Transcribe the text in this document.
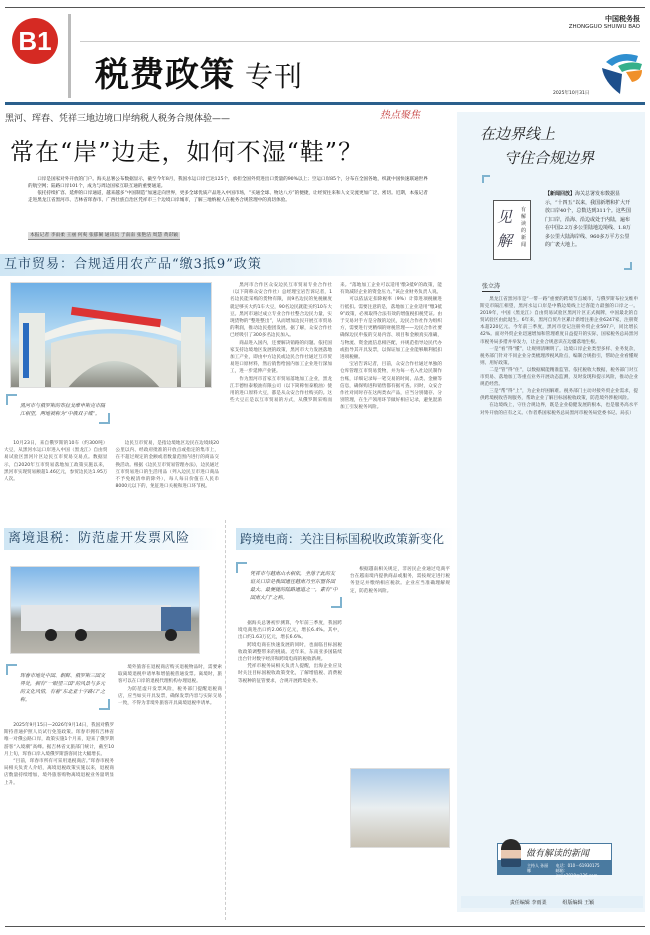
B1
税费政策 专刊
中国税务报
ZHONGGUO SHUIWU BAO
2025年10月31日
黑河、珲春、凭祥三地边境口岸纳税人税务合规体验——	热点聚焦
常在“岸”边走，如何不湿“鞋”？

口岸是国家对外开放的门户。海关总署公布数据显示，截至今年8月，我国水运口岸已达125个，承担全国外贸进出口货量的90%以上；空运口岸85个，分布在全国各地，织就中国快速联通世界的航空网；陆路口岸101个，成为与周边国家互联互通的重要通道。

依托持续扩容、延伸的口岸通道，越来越多“中国制造”加速走向世界，更多全球优质产品进入中国市场，“买通全球、物达八方”的便捷，让经贸往来和人文交流更加广泛、密切。近期，本报记者走进黑龙江省黑河市、吉林省珲春市、广西壮族自治区凭祥市三个边境口岸城市，了解三地纳税人在税务合规管理中的真切体验。

本报记者 李雨柔 王丽 何爽 张郁阑 通讯员 于南南 张艳洁 周慧 黄彩颖
互市贸易：合规适用农产品“缴3抵9”政策
黑河市与俄罗斯的布拉戈维申斯克市隔江相望，两地被称为“中俄双子城”。

10月23日，来自俄罗斯的10车（约300吨）大豆，从黑河水运口岸进入中国（黑龙江）自由贸易试验区黑河片区边民互市贸易交易点。数据显示，自2020年互市贸易落地加工政策实施以来，黑河市实现贸易额超1.46亿元，参贸边民达1.95万人次。

边民互市贸易，是指边境地区边民在边境线20公里以内、经政府批准的开放点或指定的集市上，在不超过规定的金额或者数量范围内进行的商品交换活动。根据《边民互市贸易管理办法》，边民通过互市贸易进口的生活用品（列入边民互市进口商品不予免税清单的除外），每人每日价值在人民币8000元以下的，免征进口关税和进口环节税。

黑河市合作区众安边民互市贸易专业合作社（以下简称众安合作社）总经理宝岩告诉记者，1名边民能采购的货物有限，而9名边民的免税额度就足够买大约1车大豆，90名边民就能买约10车大豆。黑河市通过成立专业合作社整合边民力量，实现货物的“整进整出”，从而增加边民开展互市贸易的利润，推动边民抱团发展。据了解，众安合作社已经吸引了300多名边民加入。

商品进入国内，还要解决销路的问题。依托国家支持边境地区发展的政策，黑河市大力发展落地加工产业，即由中方边民或边民合作社通过互市贸易进口原材料，然后销售给国内加工企业进行深加工，进一步延伸产业链。

作为黑河市首家互市贸易落地加工企业，黑龙江丰德恒泰粮油有限公司（以下简称恒泰粮油）使用的进口原料大豆，都是从众安合作社购买的。这些大豆正是以互市贸易的方式，从俄罗斯采购而来。“落地加工企业可以适用‘缴3抵9’的政策，能有效减轻企业的资金压力。”该企业财务负责人说。

可以依法定扣除税率（9%）计算进项税额进行抵扣。需要注意的是，落地加工企业适用“缴3抵9”政策，必须取得合法有效的增值税扣税凭证。由于交易对手方是分散的边民，边民合作社作为组织方，需要进行更精细的财税管理——边民合作社要确保边民申报的交易内容、项目和金额真实准确，与物流、资金流信息相匹配，并规范指导边民代办或指导其开具发票，以保证加工企业能够顺利抵扣进项税额。

宝岩告诉记者，目前，众安合作社通过单独的仓库管理互市贸易货物，并为每一名入社边民制作台账，详细记录每一笔交易的时间、品类、金额等信息，确保购进和销售都有据可查。同时，众安合作社对同时存在这两类农产品，应当分别储存、分别管理，在生产领用环节做好相应记录，避免混淆加工引发税务风险。

离境退税：防范虚开发票风险
珲春市地处中国、朝鲜、俄罗斯三国交界处，拥有“一眼望三国”的风景与多元的文化风情，有着“东北亚十字路口”之称。

2025年9月15日—2026年9月14日，我国对俄罗斯持普通护照人员试行免签政策。珲春市拥有吉林省唯一对俄公路口岸，政策实施1个月来，迎来了俄罗斯游客“入境潮”高峰。据吉林省文旅部门统计，截至10月上旬，珲春口岸入境俄罗斯游客同比大幅增长。

“目前，珲春市所有可采用退税商店。”珲春市税务局相关负责人介绍，离境退税政策实施以来，退税商店数量持续增加，境外旅客购物离境退税业务量明显上升。

境外旅客在退税商店购买退税物品时，需要索取离境退税申请单和增值税普通发票。离境时，旅客可以在口岸的退税代理机构办理退税。

为防范虚开发票风险，税务部门提醒退税商店，应当如实开具发票，确保发票内容与实际交易一致，不得为非境外旅客开具离境退税申请单。

跨境电商：关注目标国税收政策新变化
凭祥市与越南山水相依，坐落于此的友谊关口岸是我国通往越南乃至东盟各国最大、最便捷的陆路通道之一，素有“中国南大门”之称。

据海关总署初步测算，今年前三季度，我国跨境电商进出口约2.06万亿元，增长6.4%。其中，出口约1.63万亿元，增长6.6%。

跨境电商在快速发展的同时，也面临目标国税收政策调整带来的挑战。近年来，东南亚多国陆续出台针对数字经济和跨境电商的税收新规。

凭祥市税务局相关负责人提醒，出海企业应及时关注目标国税收政策变化，了解增值税、消费税等税种的征管要求，合规开展跨境业务。

根据越南相关规定，非居民企业通过电商平台在越南境内提供商品或服务，需按规定进行税务登记并缴纳相应税款。企业应当准确理解规定，防范税务风险。

在边界线上
守住合规边界
见解
有解读的新闻
【新闻回放】海关总署发布数据显示，“十四五”以来，我国新增和扩大开放口岸40个，总数达到311个。这些国门口岸，沿海、沿边或处于内陆，遍布在中国2.2万多公里陆地边境线、1.8万多公里大陆海岸线、960多万平方公里的广袤大地上。
张立涛

黑龙江省黑河市是“一带一路”重要的跨境节点城市，与俄罗斯布拉戈维申斯克市隔江相望，黑河水运口岸是中俄边境线上过客能力最强的口岸之一。2019年，中国（黑龙江）自由贸易试验区黑河片区正式揭牌，中国最北的自贸试验区由此诞生。6年来，黑河自贸片区累计新增注册企业6247家，注册资本超220亿元。今年前三季度，黑河市登记注册外贸企业597户，同比增长42%。面对外贸企业迅速增加和管理难度日益提升的实际，国家税务总局黑河市税务局多措并举发力，让企业合规意识在边疆落地生根。

一是“看”得“懂”，让规则清晰明了。边境口岸企业类型多样、业务复杂，税务部门针对不同企业分类梳理涉税风险点，编制合规指引，帮助企业看懂规则、用好政策。

二是“管”得“住”，以数据赋能精准监管。依托税收大数据，税务部门对互市贸易、落地加工等重点业务开展动态监测，及时发现和提示风险，推动企业规范经营。

三是“帮”得“上”，为企业纾困解难。税务部门主动对接外贸企业需求，提供跨境税收咨询服务，帮助企业了解目标国税收政策，防范境外涉税风险。

在边境线上，守住合规边界，既是企业稳健发展的根本，也是服务高水平对外开放的应有之义。（作者系国家税务总局黑河市税务局党委书记、局长）

做有解读的新闻
主持人 孙丽娜
电话：010－61930175
邮箱：jsxjie2019@126.com
责任编辑 李雨柔	组版编辑 王颖
